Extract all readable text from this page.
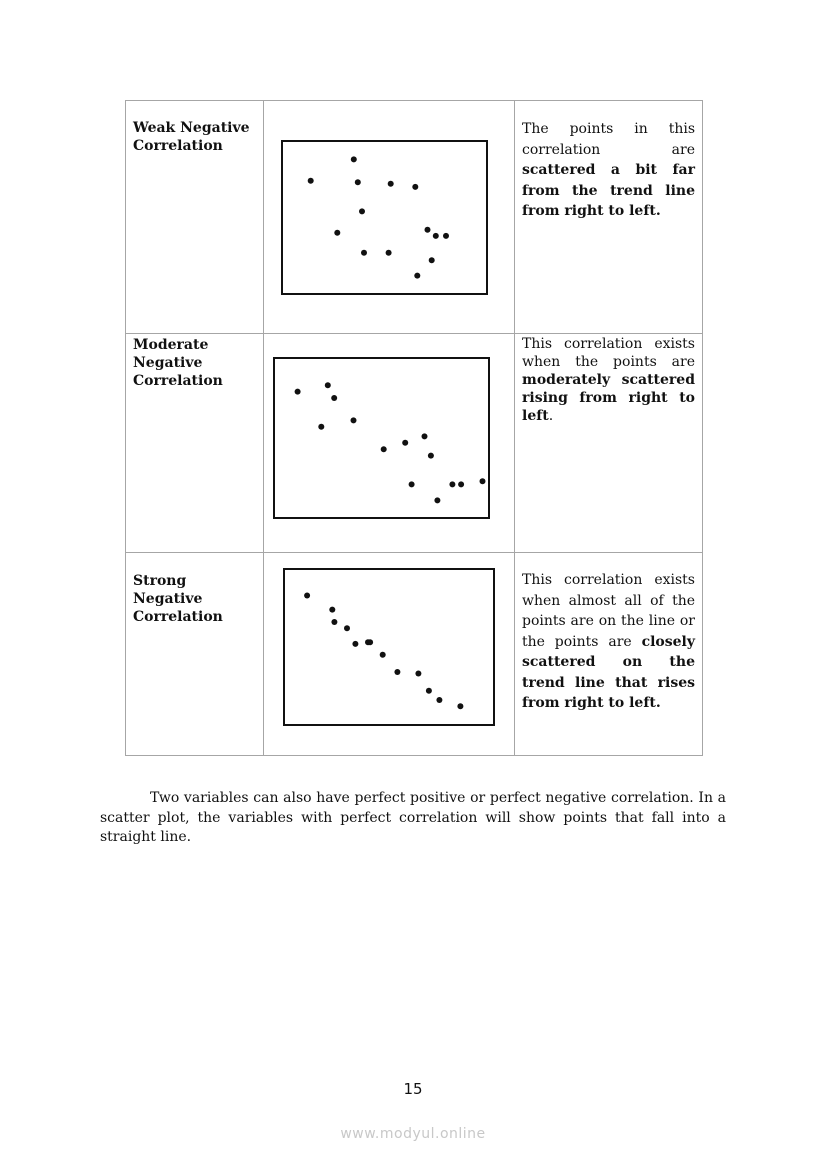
Weak Negative Correlation		The points in this correlation are scattered a bit far from the trend line from right to left.

Moderate Negative Correlation		This correlation exists when the points are moderately scattered rising from right to left.

Strong Negative Correlation		This correlation exists when almost all of the points are on the line or the points are closely scattered on the trend line that rises from right to left.

Two variables can also have perfect positive or perfect negative correlation. In a scatter plot, the variables with perfect correlation will show points that fall into a straight line.

15
www.modyul.online
